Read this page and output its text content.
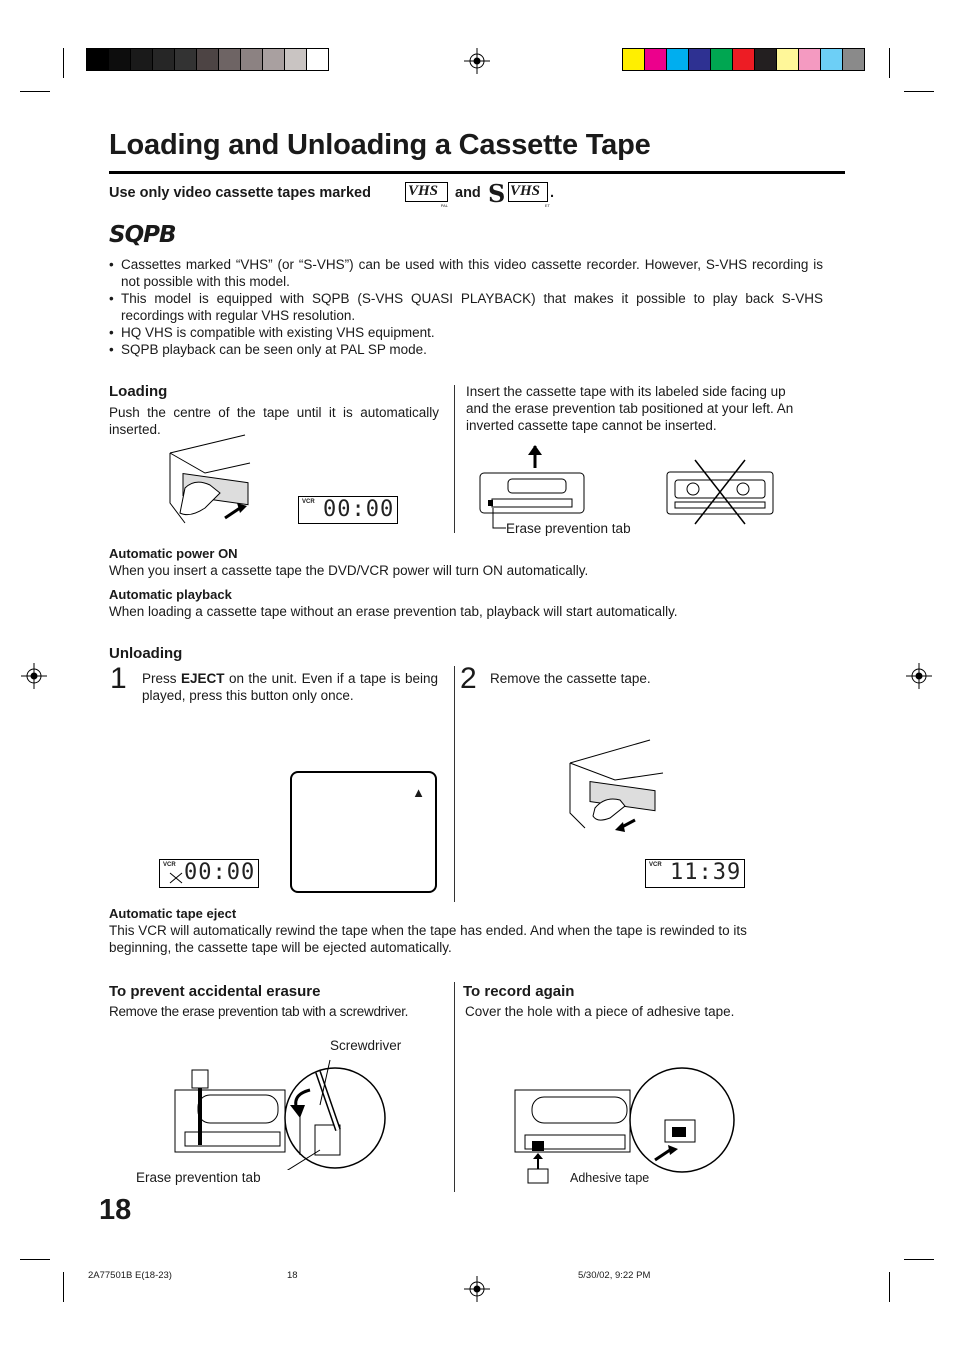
Loading and Unloading a Cassette Tape
Use only video cassette tapes marked VHS
PAL
and S VHS
ET
.
SQPB
• Cassettes marked “VHS” (or “S-VHS”) can be used with this video cassette recorder. However, S-VHS recording is not possible with this model.
• This model is equipped with SQPB (S-VHS QUASI PLAYBACK) that makes it possible to play back S-VHS recordings with regular VHS resolution.
• HQ VHS is compatible with existing VHS equipment.
• SQPB playback can be seen only at PAL SP mode.
Loading
Push the centre of the tape until it is automatically inserted.
Insert the cassette tape with its labeled side facing up and the erase prevention tab positioned at your left. An inverted cassette tape cannot be inserted.
VCR 00:00
Erase prevention tab
Automatic power ON
When you insert a cassette tape the DVD/VCR power will turn ON automatically.
Automatic playback
When loading a cassette tape without an erase prevention tab, playback will start automatically.
Unloading
1 Press EJECT on the unit. Even if a tape is being played, press this button only once.
2 Remove the cassette tape.
VCR 00:00
▲
VCR 11:39
Automatic tape eject
This VCR will automatically rewind the tape when the tape has ended. And when the tape is rewinded to its beginning, the cassette tape will be ejected automatically.
To prevent accidental erasure
Remove the erase prevention tab with a screwdriver.
To record again
Cover the hole with a piece of adhesive tape.
Screwdriver
Erase prevention tab	Adhesive tape
18
2A77501B E(18-23)	18	5/30/02, 9:22 PM
